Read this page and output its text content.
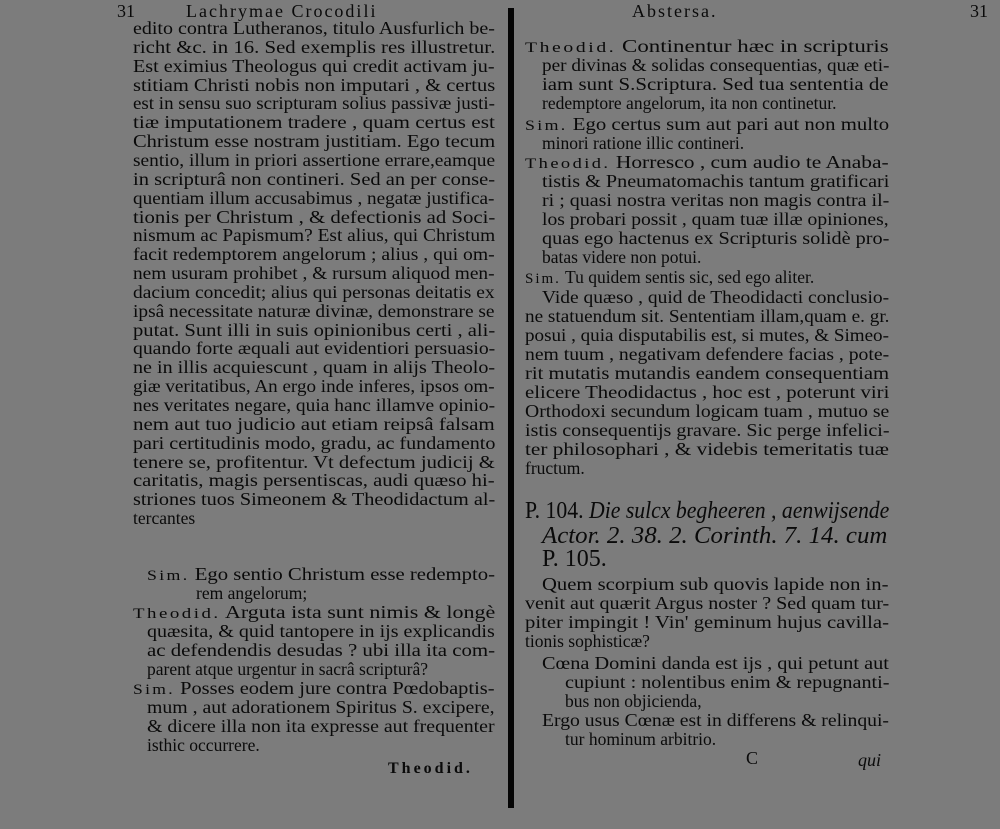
31	Lachrymae Crocodili
edito contra Lutheranos, titulo Ausfurlich be-
richt &c. in 16. Sed exemplis res illustretur.
Est eximius Theologus qui credit activam ju-
stitiam Christi nobis non imputari , & certus
est in sensu suo scripturam solius passivæ justi-
tiæ imputationem tradere , quam certus est
Christum esse nostram justitiam. Ego tecum
sentio, illum in priori assertione errare,eamque
in scripturâ non contineri. Sed an per conse-
quentiam illum accusabimus , negatæ justifica-
tionis per Christum , & defectionis ad Soci-
nismum ac Papismum? Est alius, qui Christum
facit redemptorem angelorum ; alius , qui om-
nem usuram prohibet , & rursum aliquod men-
dacium concedit; alius qui personas deitatis ex
ipsâ necessitate naturæ divinæ, demonstrare se
putat. Sunt illi in suis opinionibus certi , ali-
quando forte æquali aut evidentiori persuasio-
ne in illis acquiescunt , quam in alijs Theolo-
giæ veritatibus, An ergo inde inferes, ipsos om-
nes veritates negare, quia hanc illamve opinio-
nem aut tuo judicio aut etiam reipsâ falsam
pari certitudinis modo, gradu, ac fundamento
tenere se, profitentur. Vt defectum judicij &
caritatis, magis persentiscas, audi quæso hi-
striones tuos Simeonem & Theodidactum al-
tercantes
Sim. Ego sentio Christum esse redempto-
rem angelorum;
Theodid. Arguta ista sunt nimis & longè
quæsita, & quid tantopere in ijs explicandis
ac defendendis desudas ? ubi illa ita com-
parent atque urgentur in sacrâ scripturâ?
Sim. Posses eodem jure contra Pœdobaptis-
mum , aut adorationem Spiritus S. excipere,
& dicere illa non ita expresse aut frequenter
isthic occurrere.
Theodid.
Abstersa.	31
Theodid. Continentur hæc in scripturis
per divinas & solidas consequentias, quæ eti-
iam sunt S.Scriptura. Sed tua sententia de
redemptore angelorum, ita non continetur.
Sim. Ego certus sum aut pari aut non multo
minori ratione illic contineri.
Theodid. Horresco , cum audio te Anaba-
tistis & Pneumatomachis tantum gratificari
ri ; quasi nostra veritas non magis contra il-
los probari possit , quam tuæ illæ opiniones,
quas ego hactenus ex Scripturis solidè pro-
batas videre non potui.
Sim. Tu quidem sentis sic, sed ego aliter.
Vide quæso , quid de Theodidacti conclusio-
ne statuendum sit. Sententiam illam,quam e. gr.
posui , quia disputabilis est, si mutes, & Simeo-
nem tuum , negativam defendere facias , pote-
rit mutatis mutandis eandem consequentiam
elicere Theodidactus , hoc est , poterunt viri
Orthodoxi secundum logicam tuam , mutuo se
istis consequentijs gravare. Sic perge infelici-
ter philosophari , & videbis temeritatis tuæ
fructum.
P. 104. Die sulcx begheeren , aenwijsende
Actor. 2. 38. 2. Corinth. 7. 14. cum
P. 105.
Quem scorpium sub quovis lapide non in-
venit aut quærit Argus noster ? Sed quam tur-
piter impingit ! Vin' geminum hujus cavilla-
tionis sophisticæ?
Cœna Domini danda est ijs , qui petunt aut
cupiunt : nolentibus enim & repugnanti-
bus non objicienda,
Ergo usus Cœnæ est in differens & relinqui-
tur hominum arbitrio.
C	qui
